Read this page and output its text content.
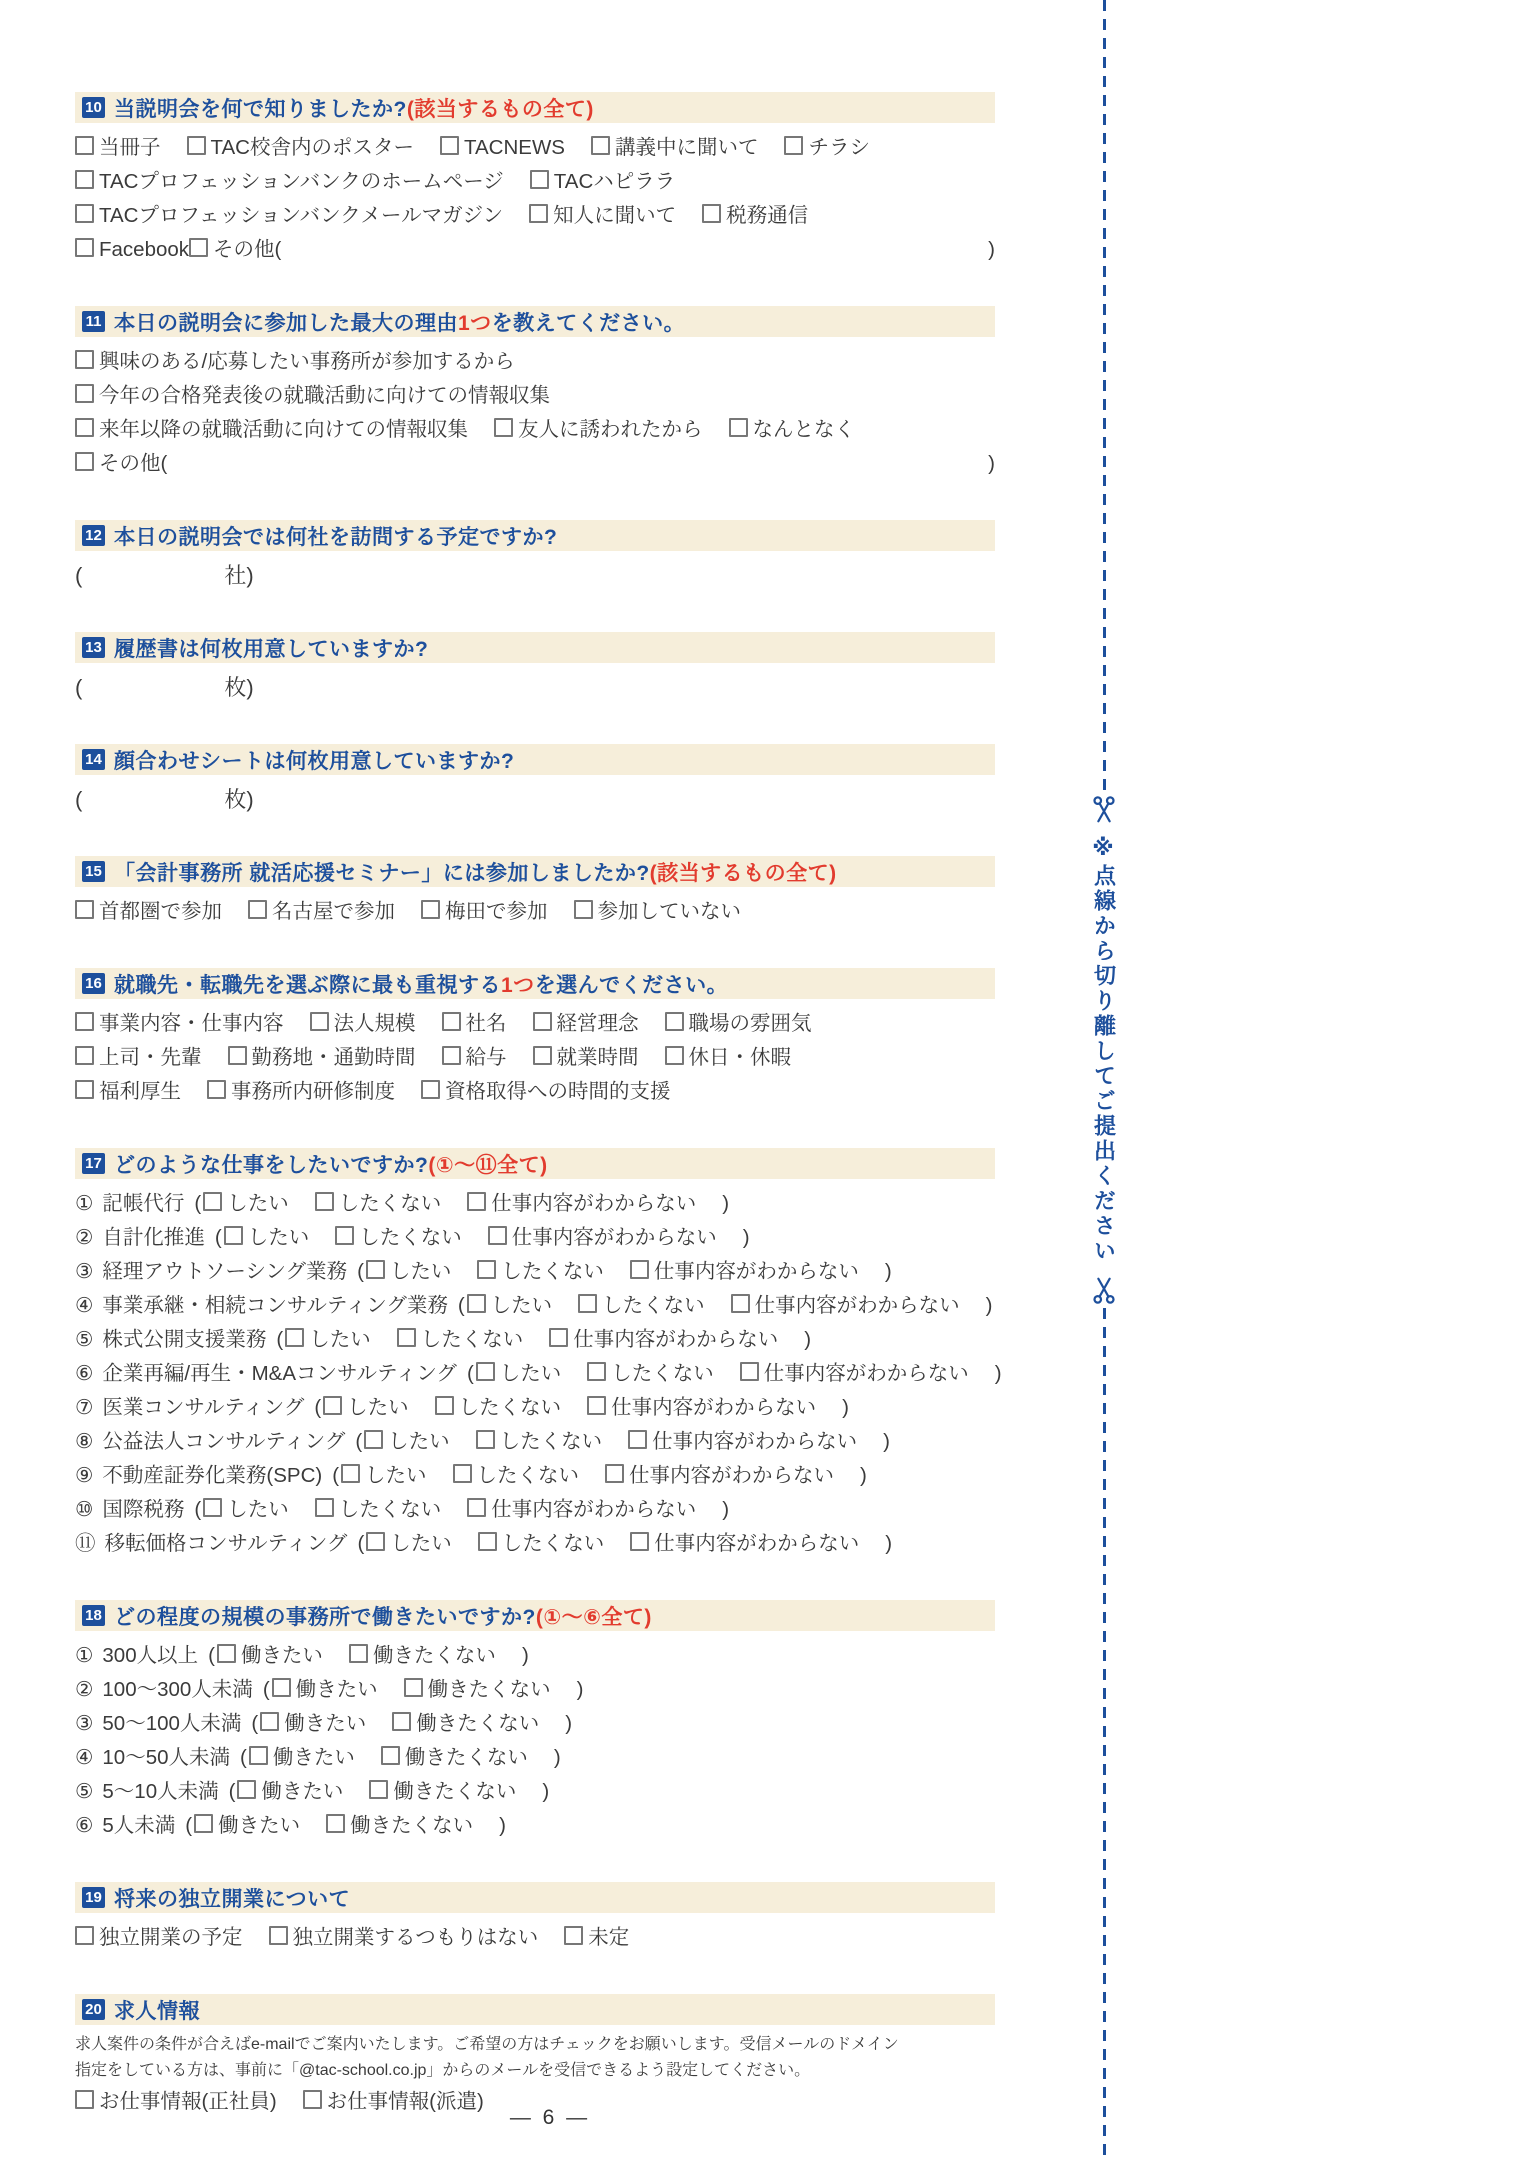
10 当説明会を何で知りましたか?(該当するもの全て)
当冊子 TAC校舎内のポスター TACNEWS 講義中に聞いて チラシ
TACプロフェッションバンクのホームページ TACハピララ
TACプロフェッションバンクメールマガジン 知人に聞いて 税務通信
Facebook	その他(	)
11 本日の説明会に参加した最大の理由1つを教えてください。
興味のある/応募したい事務所が参加するから
今年の合格発表後の就職活動に向けての情報収集
来年以降の就職活動に向けての情報収集 友人に誘われたから なんとなく
その他(	)
12 本日の説明会では何社を訪問する予定ですか?
(	社)
13 履歴書は何枚用意していますか?
(	枚)
14 顔合わせシートは何枚用意していますか?
(	枚)
15 「会計事務所 就活応援セミナー」には参加しましたか?(該当するもの全て)
首都圏で参加 名古屋で参加 梅田で参加 参加していない
16 就職先・転職先を選ぶ際に最も重視する1つを選んでください。
事業内容・仕事内容 法人規模 社名 経営理念 職場の雰囲気
上司・先輩 勤務地・通勤時間 給与 就業時間 休日・休暇
福利厚生 事務所内研修制度 資格取得への時間的支援
17 どのような仕事をしたいですか?(①〜⑪全て)
① 記帳代行 ( したい したくない 仕事内容がわからない )
② 自計化推進 ( したい したくない 仕事内容がわからない )
③ 経理アウトソーシング業務 ( したい したくない 仕事内容がわからない )
④ 事業承継・相続コンサルティング業務 ( したい したくない 仕事内容がわからない )
⑤ 株式公開支援業務 ( したい したくない 仕事内容がわからない )
⑥ 企業再編/再生・M&Aコンサルティング ( したい したくない 仕事内容がわからない )
⑦ 医業コンサルティング ( したい したくない 仕事内容がわからない )
⑧ 公益法人コンサルティング ( したい したくない 仕事内容がわからない )
⑨ 不動産証券化業務(SPC) ( したい したくない 仕事内容がわからない )
⑩ 国際税務 ( したい したくない 仕事内容がわからない )
⑪ 移転価格コンサルティング ( したい したくない 仕事内容がわからない )
18 どの程度の規模の事務所で働きたいですか?(①〜⑥全て)
① 300人以上 ( 働きたい 働きたくない )
② 100〜300人未満 ( 働きたい 働きたくない )
③ 50〜100人未満 ( 働きたい 働きたくない )
④ 10〜50人未満 ( 働きたい 働きたくない )
⑤ 5〜10人未満 ( 働きたい 働きたくない )
⑥ 5人未満 ( 働きたい 働きたくない )
19 将来の独立開業について
独立開業の予定 独立開業するつもりはない 未定
20 求人情報
求人案件の条件が合えばe-mailでご案内いたします。ご希望の方はチェックをお願いします。受信メールのドメイン
指定をしている方は、事前に「@tac-school.co.jp」からのメールを受信できるよう設定してください。
お仕事情報(正社員) お仕事情報(派遣)
— 6 —
※点線から切り離してご提出ください
